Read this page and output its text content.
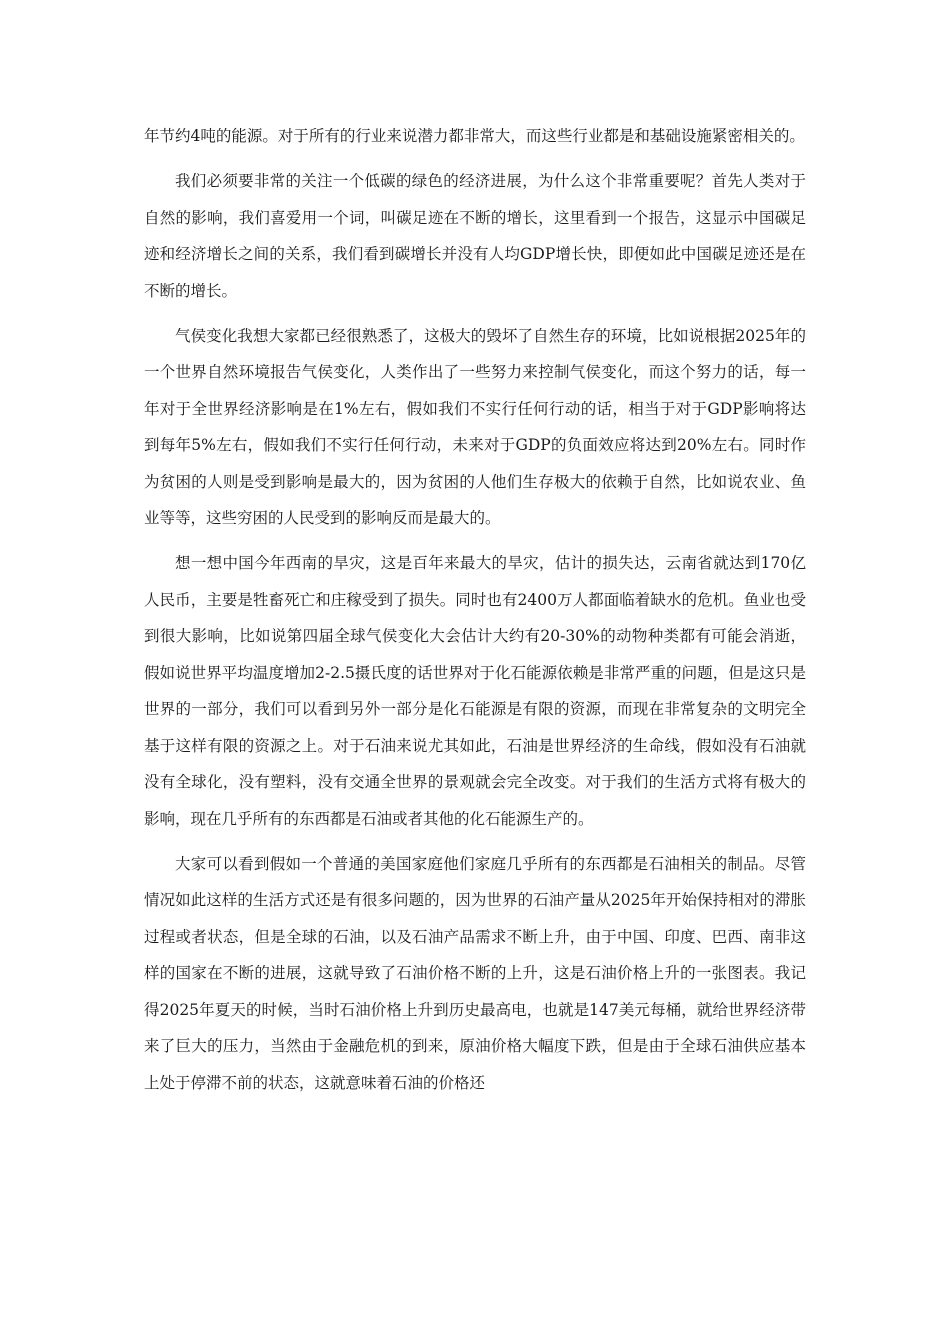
年节约4吨的能源。对于所有的行业来说潜力都非常大，而这些行业都是和基础设施紧密相关的。

我们必须要非常的关注一个低碳的绿色的经济进展，为什么这个非常重要呢？首先人类对于自然的影响，我们喜爱用一个词，叫碳足迹在不断的增长，这里看到一个报告，这显示中国碳足迹和经济增长之间的关系，我们看到碳增长并没有人均GDP增长快，即便如此中国碳足迹还是在不断的增长。

气侯变化我想大家都已经很熟悉了，这极大的毁坏了自然生存的环境，比如说根据2025年的一个世界自然环境报告气侯变化，人类作出了一些努力来控制气侯变化，而这个努力的话，每一年对于全世界经济影响是在1%左右，假如我们不实行任何行动的话，相当于对于GDP影响将达到每年5%左右，假如我们不实行任何行动，未来对于GDP的负面效应将达到20%左右。同时作为贫困的人则是受到影响是最大的，因为贫困的人他们生存极大的依赖于自然，比如说农业、鱼业等等，这些穷困的人民受到的影响反而是最大的。

想一想中国今年西南的旱灾，这是百年来最大的旱灾，估计的损失达，云南省就达到170亿人民币，主要是牲畜死亡和庄稼受到了损失。同时也有2400万人都面临着缺水的危机。鱼业也受到很大影响，比如说第四届全球气侯变化大会估计大约有20-30%的动物种类都有可能会消逝，假如说世界平均温度增加2-2.5摄氏度的话世界对于化石能源依赖是非常严重的问题，但是这只是世界的一部分，我们可以看到另外一部分是化石能源是有限的资源，而现在非常复杂的文明完全基于这样有限的资源之上。对于石油来说尤其如此，石油是世界经济的生命线，假如没有石油就没有全球化，没有塑料，没有交通全世界的景观就会完全改变。对于我们的生活方式将有极大的影响，现在几乎所有的东西都是石油或者其他的化石能源生产的。

大家可以看到假如一个普通的美国家庭他们家庭几乎所有的东西都是石油相关的制品。尽管情况如此这样的生活方式还是有很多问题的，因为世界的石油产量从2025年开始保持相对的滞胀过程或者状态，但是全球的石油，以及石油产品需求不断上升，由于中国、印度、巴西、南非这样的国家在不断的进展，这就导致了石油价格不断的上升，这是石油价格上升的一张图表。我记得2025年夏天的时候，当时石油价格上升到历史最高电，也就是147美元每桶，就给世界经济带来了巨大的压力，当然由于金融危机的到来，原油价格大幅度下跌，但是由于全球石油供应基本上处于停滞不前的状态，这就意味着石油的价格还
